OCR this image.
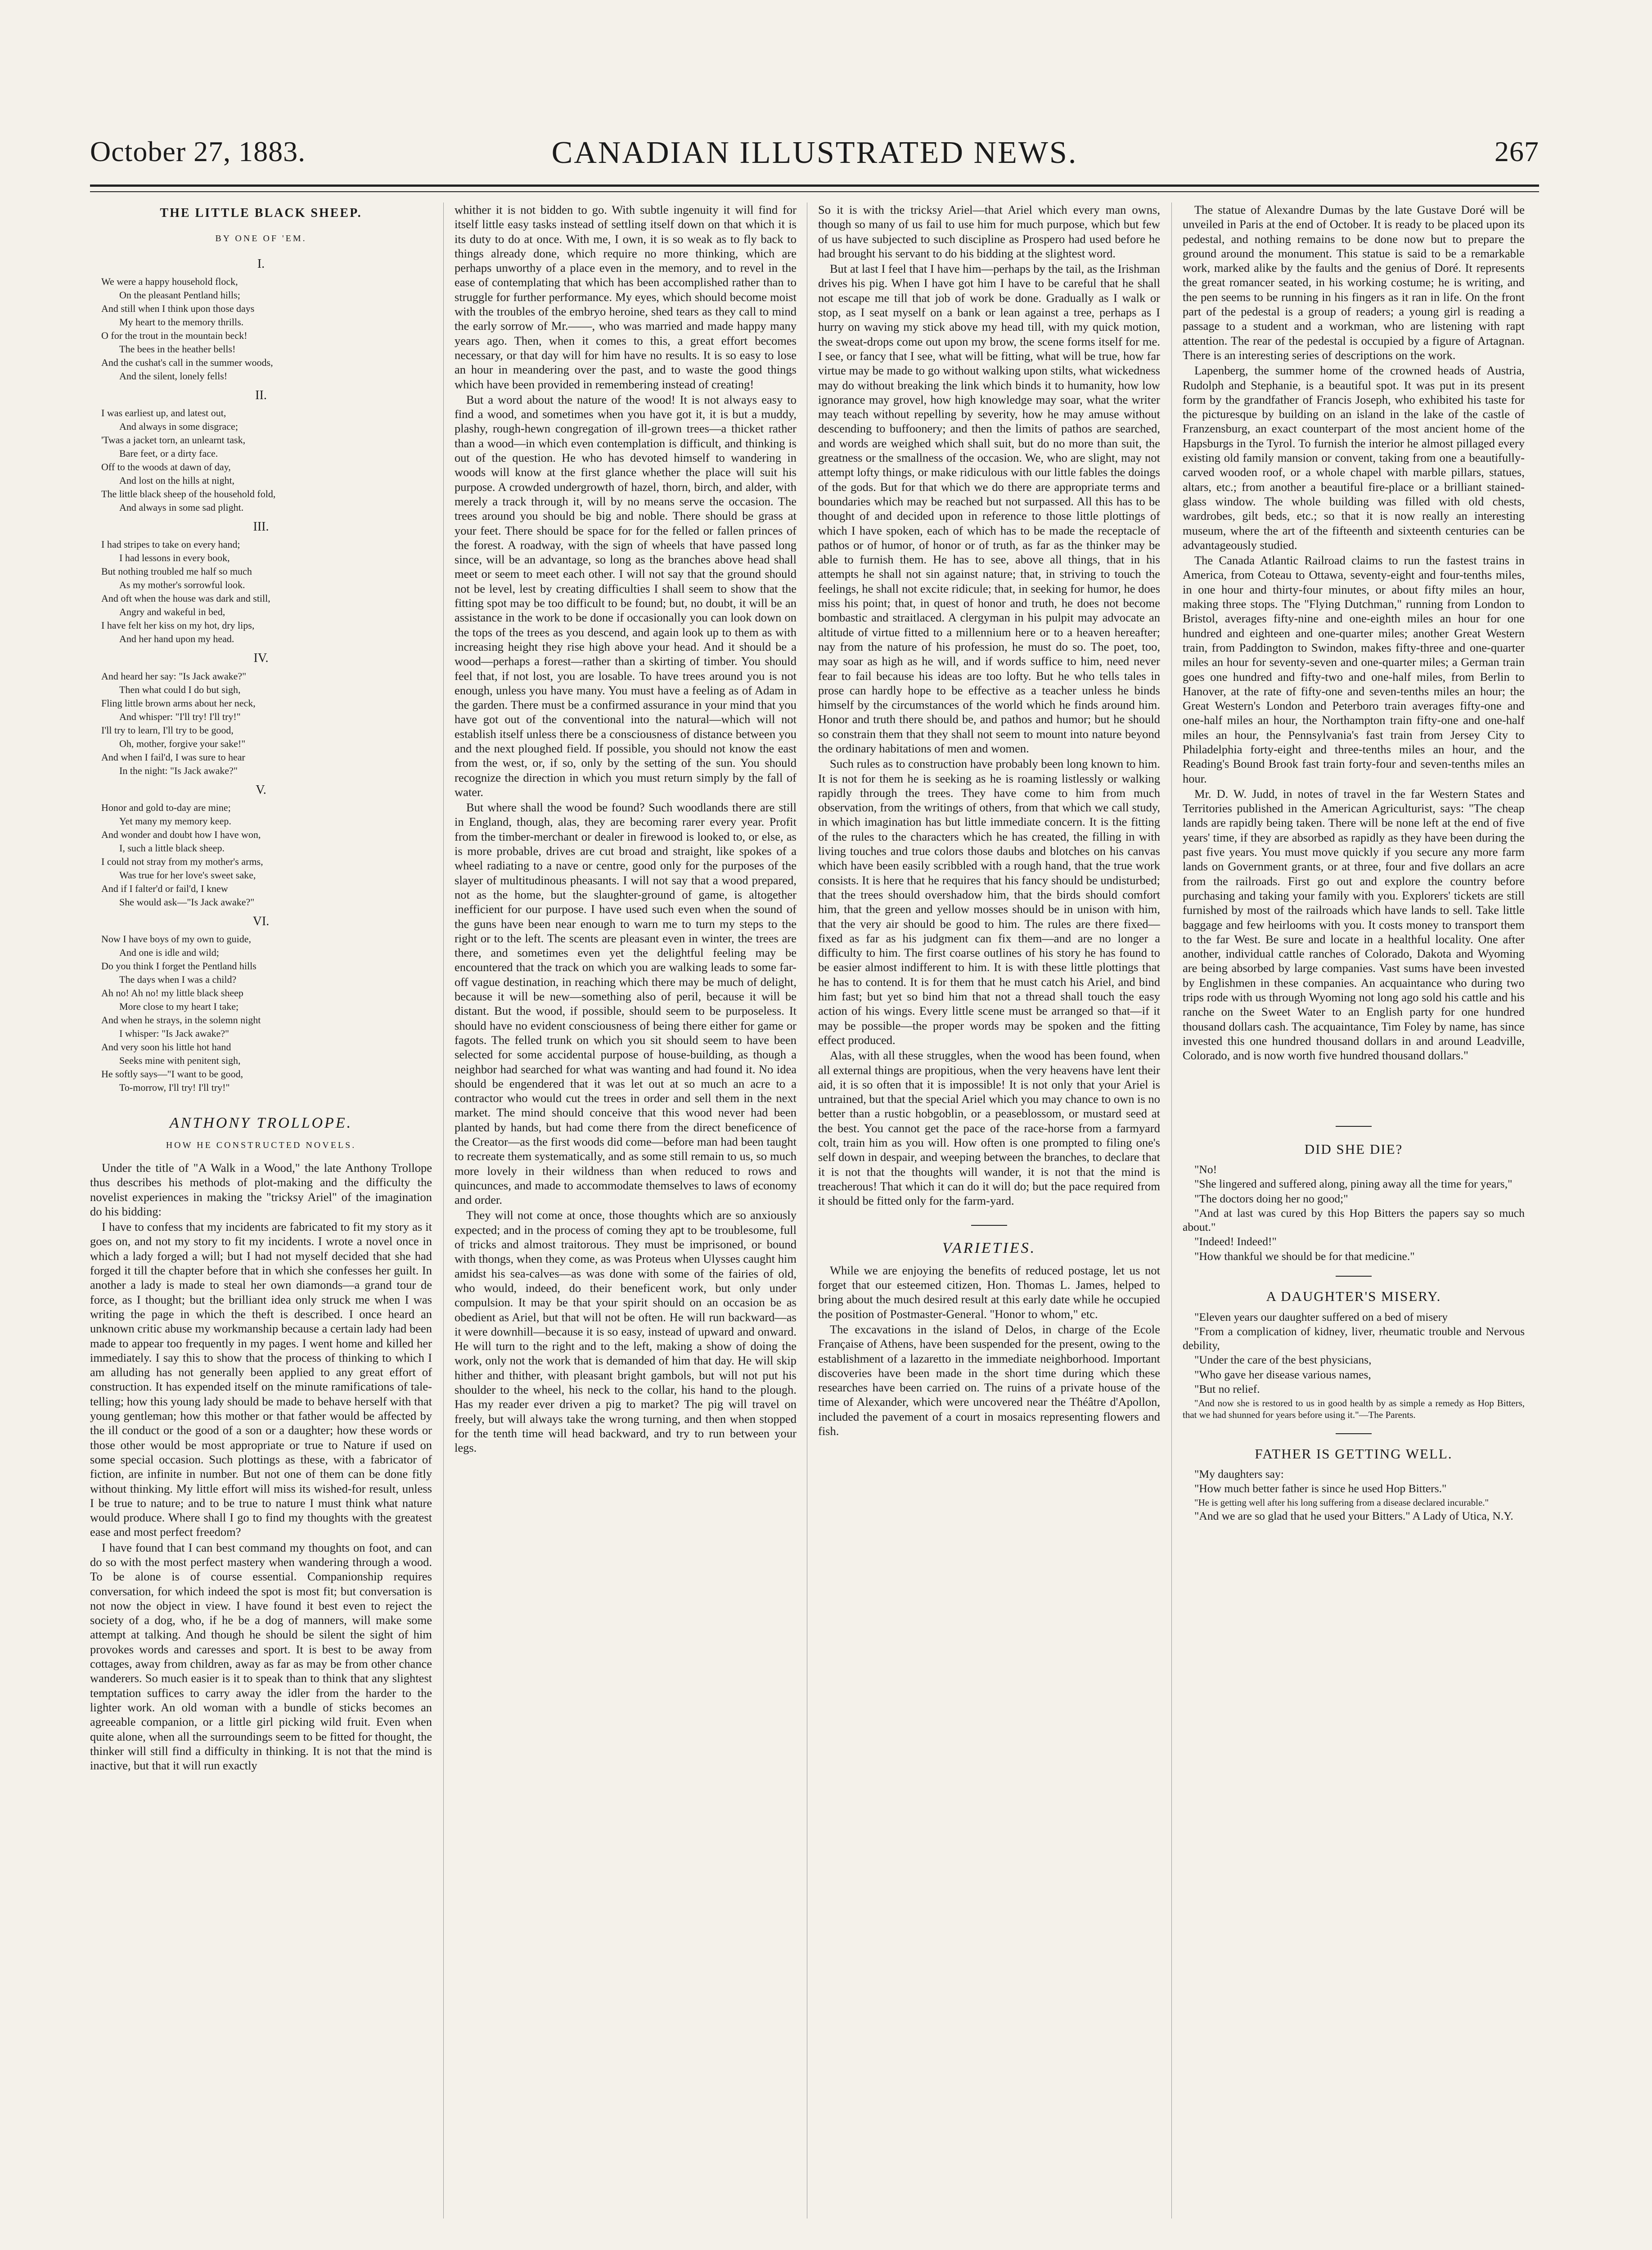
October 27, 1883.	CANADIAN ILLUSTRATED NEWS.	267
THE LITTLE BLACK SHEEP.
BY ONE OF 'EM.
I.
We were a happy household flock,
On the pleasant Pentland hills;
And still when I think upon those days
My heart to the memory thrills.
O for the trout in the mountain beck!
The bees in the heather bells!
And the cushat's call in the summer woods,
And the silent, lonely fells!
II.
I was earliest up, and latest out,
And always in some disgrace;
'Twas a jacket torn, an unlearnt task,
Bare feet, or a dirty face.
Off to the woods at dawn of day,
And lost on the hills at night,
The little black sheep of the household fold,
And always in some sad plight.
III.
I had stripes to take on every hand;
I had lessons in every book,
But nothing troubled me half so much
As my mother's sorrowful look.
And oft when the house was dark and still,
Angry and wakeful in bed,
I have felt her kiss on my hot, dry lips,
And her hand upon my head.
IV.
And heard her say: "Is Jack awake?"
Then what could I do but sigh,
Fling little brown arms about her neck,
And whisper: "I'll try! I'll try!"
I'll try to learn, I'll try to be good,
Oh, mother, forgive your sake!"
And when I fail'd, I was sure to hear
In the night: "Is Jack awake?"
V.
Honor and gold to-day are mine;
Yet many my memory keep.
And wonder and doubt how I have won,
I, such a little black sheep.
I could not stray from my mother's arms,
Was true for her love's sweet sake,
And if I falter'd or fail'd, I knew
She would ask—"Is Jack awake?"
VI.
Now I have boys of my own to guide,
And one is idle and wild;
Do you think I forget the Pentland hills
The days when I was a child?
Ah no! Ah no! my little black sheep
More close to my heart I take;
And when he strays, in the solemn night
I whisper: "Is Jack awake?"
And very soon his little hot hand
Seeks mine with penitent sigh,
He softly says—"I want to be good,
To-morrow, I'll try! I'll try!"
ANTHONY TROLLOPE.
HOW HE CONSTRUCTED NOVELS.

Under the title of "A Walk in a Wood," the late Anthony Trollope thus describes his methods of plot-making and the difficulty the novelist experiences in making the "tricksy Ariel" of the imagination do his bidding:

I have to confess that my incidents are fabricated to fit my story as it goes on, and not my story to fit my incidents. I wrote a novel once in which a lady forged a will; but I had not myself decided that she had forged it till the chapter before that in which she confesses her guilt. In another a lady is made to steal her own diamonds—a grand tour de force, as I thought; but the brilliant idea only struck me when I was writing the page in which the theft is described. I once heard an unknown critic abuse my workmanship because a certain lady had been made to appear too frequently in my pages. I went home and killed her immediately. I say this to show that the process of thinking to which I am alluding has not generally been applied to any great effort of construction. It has expended itself on the minute ramifications of tale-telling; how this young lady should be made to behave herself with that young gentleman; how this mother or that father would be affected by the ill conduct or the good of a son or a daughter; how these words or those other would be most appropriate or true to Nature if used on some special occasion. Such plottings as these, with a fabricator of fiction, are infinite in number. But not one of them can be done fitly without thinking. My little effort will miss its wished-for result, unless I be true to nature; and to be true to nature I must think what nature would produce. Where shall I go to find my thoughts with the greatest ease and most perfect freedom?

I have found that I can best command my thoughts on foot, and can do so with the most perfect mastery when wandering through a wood. To be alone is of course essential. Companionship requires conversation, for which indeed the spot is most fit; but conversation is not now the object in view. I have found it best even to reject the society of a dog, who, if he be a dog of manners, will make some attempt at talking. And though he should be silent the sight of him provokes words and caresses and sport. It is best to be away from cottages, away from children, away as far as may be from other chance wanderers. So much easier is it to speak than to think that any slightest temptation suffices to carry away the idler from the harder to the lighter work. An old woman with a bundle of sticks becomes an agreeable companion, or a little girl picking wild fruit. Even when quite alone, when all the surroundings seem to be fitted for thought, the thinker will still find a difficulty in thinking. It is not that the mind is inactive, but that it will run exactly

whither it is not bidden to go. With subtle ingenuity it will find for itself little easy tasks instead of settling itself down on that which it is its duty to do at once. With me, I own, it is so weak as to fly back to things already done, which require no more thinking, which are perhaps unworthy of a place even in the memory, and to revel in the ease of contemplating that which has been accomplished rather than to struggle for further performance. My eyes, which should become moist with the troubles of the embryo heroine, shed tears as they call to mind the early sorrow of Mr.——, who was married and made happy many years ago. Then, when it comes to this, a great effort becomes necessary, or that day will for him have no results. It is so easy to lose an hour in meandering over the past, and to waste the good things which have been provided in remembering instead of creating!

But a word about the nature of the wood! It is not always easy to find a wood, and sometimes when you have got it, it is but a muddy, plashy, rough-hewn congregation of ill-grown trees—a thicket rather than a wood—in which even contemplation is difficult, and thinking is out of the question. He who has devoted himself to wandering in woods will know at the first glance whether the place will suit his purpose. A crowded undergrowth of hazel, thorn, birch, and alder, with merely a track through it, will by no means serve the occasion. The trees around you should be big and noble. There should be grass at your feet. There should be space for for the felled or fallen princes of the forest. A roadway, with the sign of wheels that have passed long since, will be an advantage, so long as the branches above head shall meet or seem to meet each other. I will not say that the ground should not be level, lest by creating difficulties I shall seem to show that the fitting spot may be too difficult to be found; but, no doubt, it will be an assistance in the work to be done if occasionally you can look down on the tops of the trees as you descend, and again look up to them as with increasing height they rise high above your head. And it should be a wood—perhaps a forest—rather than a skirting of timber. You should feel that, if not lost, you are losable. To have trees around you is not enough, unless you have many. You must have a feeling as of Adam in the garden. There must be a confirmed assurance in your mind that you have got out of the conventional into the natural—which will not establish itself unless there be a consciousness of distance between you and the next ploughed field. If possible, you should not know the east from the west, or, if so, only by the setting of the sun. You should recognize the direction in which you must return simply by the fall of water.

But where shall the wood be found? Such woodlands there are still in England, though, alas, they are becoming rarer every year. Profit from the timber-merchant or dealer in firewood is looked to, or else, as is more probable, drives are cut broad and straight, like spokes of a wheel radiating to a nave or centre, good only for the purposes of the slayer of multitudinous pheasants. I will not say that a wood prepared, not as the home, but the slaughter-ground of game, is altogether inefficient for our purpose. I have used such even when the sound of the guns have been near enough to warn me to turn my steps to the right or to the left. The scents are pleasant even in winter, the trees are there, and sometimes even yet the delightful feeling may be encountered that the track on which you are walking leads to some far-off vague destination, in reaching which there may be much of delight, because it will be new—something also of peril, because it will be distant. But the wood, if possible, should seem to be purposeless. It should have no evident consciousness of being there either for game or fagots. The felled trunk on which you sit should seem to have been selected for some accidental purpose of house-building, as though a neighbor had searched for what was wanting and had found it. No idea should be engendered that it was let out at so much an acre to a contractor who would cut the trees in order and sell them in the next market. The mind should conceive that this wood never had been planted by hands, but had come there from the direct beneficence of the Creator—as the first woods did come—before man had been taught to recreate them systematically, and as some still remain to us, so much more lovely in their wildness than when reduced to rows and quincunces, and made to accommodate themselves to laws of economy and order.

They will not come at once, those thoughts which are so anxiously expected; and in the process of coming they apt to be troublesome, full of tricks and almost traitorous. They must be imprisoned, or bound with thongs, when they come, as was Proteus when Ulysses caught him amidst his sea-calves—as was done with some of the fairies of old, who would, indeed, do their beneficent work, but only under compulsion. It may be that your spirit should on an occasion be as obedient as Ariel, but that will not be often. He will run backward—as it were downhill—because it is so easy, instead of upward and onward. He will turn to the right and to the left, making a show of doing the work, only not the work that is demanded of him that day. He will skip hither and thither, with pleasant bright gambols, but will not put his shoulder to the wheel, his neck to the collar, his hand to the plough. Has my reader ever driven a pig to market? The pig will travel on freely, but will always take the wrong turning, and then when stopped for the tenth time will head backward, and try to run between your legs.

So it is with the tricksy Ariel—that Ariel which every man owns, though so many of us fail to use him for much purpose, which but few of us have subjected to such discipline as Prospero had used before he had brought his servant to do his bidding at the slightest word.

But at last I feel that I have him—perhaps by the tail, as the Irishman drives his pig. When I have got him I have to be careful that he shall not escape me till that job of work be done. Gradually as I walk or stop, as I seat myself on a bank or lean against a tree, perhaps as I hurry on waving my stick above my head till, with my quick motion, the sweat-drops come out upon my brow, the scene forms itself for me. I see, or fancy that I see, what will be fitting, what will be true, how far virtue may be made to go without walking upon stilts, what wickedness may do without breaking the link which binds it to humanity, how low ignorance may grovel, how high knowledge may soar, what the writer may teach without repelling by severity, how he may amuse without descending to buffoonery; and then the limits of pathos are searched, and words are weighed which shall suit, but do no more than suit, the greatness or the smallness of the occasion. We, who are slight, may not attempt lofty things, or make ridiculous with our little fables the doings of the gods. But for that which we do there are appropriate terms and boundaries which may be reached but not surpassed. All this has to be thought of and decided upon in reference to those little plottings of which I have spoken, each of which has to be made the receptacle of pathos or of humor, of honor or of truth, as far as the thinker may be able to furnish them. He has to see, above all things, that in his attempts he shall not sin against nature; that, in striving to touch the feelings, he shall not excite ridicule; that, in seeking for humor, he does miss his point; that, in quest of honor and truth, he does not become bombastic and straitlaced. A clergyman in his pulpit may advocate an altitude of virtue fitted to a millennium here or to a heaven hereafter; nay from the nature of his profession, he must do so. The poet, too, may soar as high as he will, and if words suffice to him, need never fear to fail because his ideas are too lofty. But he who tells tales in prose can hardly hope to be effective as a teacher unless he binds himself by the circumstances of the world which he finds around him. Honor and truth there should be, and pathos and humor; but he should so constrain them that they shall not seem to mount into nature beyond the ordinary habitations of men and women.

Such rules as to construction have probably been long known to him. It is not for them he is seeking as he is roaming listlessly or walking rapidly through the trees. They have come to him from much observation, from the writings of others, from that which we call study, in which imagination has but little immediate concern. It is the fitting of the rules to the characters which he has created, the filling in with living touches and true colors those daubs and blotches on his canvas which have been easily scribbled with a rough hand, that the true work consists. It is here that he requires that his fancy should be undisturbed; that the trees should overshadow him, that the birds should comfort him, that the green and yellow mosses should be in unison with him, that the very air should be good to him. The rules are there fixed—fixed as far as his judgment can fix them—and are no longer a difficulty to him. The first coarse outlines of his story he has found to be easier almost indifferent to him. It is with these little plottings that he has to contend. It is for them that he must catch his Ariel, and bind him fast; but yet so bind him that not a thread shall touch the easy action of his wings. Every little scene must be arranged so that—if it may be possible—the proper words may be spoken and the fitting effect produced.

Alas, with all these struggles, when the wood has been found, when all external things are propitious, when the very heavens have lent their aid, it is so often that it is impossible! It is not only that your Ariel is untrained, but that the special Ariel which you may chance to own is no better than a rustic hobgoblin, or a peaseblossom, or mustard seed at the best. You cannot get the pace of the race-horse from a farmyard colt, train him as you will. How often is one prompted to filing one's self down in despair, and weeping between the branches, to declare that it is not that the thoughts will wander, it is not that the mind is treacherous! That which it can do it will do; but the pace required from it should be fitted only for the farm-yard.

VARIETIES.

While we are enjoying the benefits of reduced postage, let us not forget that our esteemed citizen, Hon. Thomas L. James, helped to bring about the much desired result at this early date while he occupied the position of Postmaster-General. "Honor to whom," etc.

The excavations in the island of Delos, in charge of the Ecole Française of Athens, have been suspended for the present, owing to the establishment of a lazaretto in the immediate neighborhood. Important discoveries have been made in the short time during which these researches have been carried on. The ruins of a private house of the time of Alexander, which were uncovered near the Théâtre d'Apollon, included the pavement of a court in mosaics representing flowers and fish.

The statue of Alexandre Dumas by the late Gustave Doré will be unveiled in Paris at the end of October. It is ready to be placed upon its pedestal, and nothing remains to be done now but to prepare the ground around the monument. This statue is said to be a remarkable work, marked alike by the faults and the genius of Doré. It represents the great romancer seated, in his working costume; he is writing, and the pen seems to be running in his fingers as it ran in life. On the front part of the pedestal is a group of readers; a young girl is reading a passage to a student and a workman, who are listening with rapt attention. The rear of the pedestal is occupied by a figure of Artagnan. There is an interesting series of descriptions on the work.

Lapenberg, the summer home of the crowned heads of Austria, Rudolph and Stephanie, is a beautiful spot. It was put in its present form by the grandfather of Francis Joseph, who exhibited his taste for the picturesque by building on an island in the lake of the castle of Franzensburg, an exact counterpart of the most ancient home of the Hapsburgs in the Tyrol. To furnish the interior he almost pillaged every existing old family mansion or convent, taking from one a beautifully-carved wooden roof, or a whole chapel with marble pillars, statues, altars, etc.; from another a beautiful fire-place or a brilliant stained-glass window. The whole building was filled with old chests, wardrobes, gilt beds, etc.; so that it is now really an interesting museum, where the art of the fifteenth and sixteenth centuries can be advantageously studied.

The Canada Atlantic Railroad claims to run the fastest trains in America, from Coteau to Ottawa, seventy-eight and four-tenths miles, in one hour and thirty-four minutes, or about fifty miles an hour, making three stops. The "Flying Dutchman," running from London to Bristol, averages fifty-nine and one-eighth miles an hour for one hundred and eighteen and one-quarter miles; another Great Western train, from Paddington to Swindon, makes fifty-three and one-quarter miles an hour for seventy-seven and one-quarter miles; a German train goes one hundred and fifty-two and one-half miles, from Berlin to Hanover, at the rate of fifty-one and seven-tenths miles an hour; the Great Western's London and Peterboro train averages fifty-one and one-half miles an hour, the Northampton train fifty-one and one-half miles an hour, the Pennsylvania's fast train from Jersey City to Philadelphia forty-eight and three-tenths miles an hour, and the Reading's Bound Brook fast train forty-four and seven-tenths miles an hour.

Mr. D. W. Judd, in notes of travel in the far Western States and Territories published in the American Agriculturist, says: "The cheap lands are rapidly being taken. There will be none left at the end of five years' time, if they are absorbed as rapidly as they have been during the past five years. You must move quickly if you secure any more farm lands on Government grants, or at three, four and five dollars an acre from the railroads. First go out and explore the country before purchasing and taking your family with you. Explorers' tickets are still furnished by most of the railroads which have lands to sell. Take little baggage and few heirlooms with you. It costs money to transport them to the far West. Be sure and locate in a healthful locality. One after another, individual cattle ranches of Colorado, Dakota and Wyoming are being absorbed by large companies. Vast sums have been invested by Englishmen in these companies. An acquaintance who during two trips rode with us through Wyoming not long ago sold his cattle and his ranche on the Sweet Water to an English party for one hundred thousand dollars cash. The acquaintance, Tim Foley by name, has since invested this one hundred thousand dollars in and around Leadville, Colorado, and is now worth five hundred thousand dollars."

DID SHE DIE?

"No!

"She lingered and suffered along, pining away all the time for years,"

"The doctors doing her no good;"

"And at last was cured by this Hop Bitters the papers say so much about."

"Indeed! Indeed!"

"How thankful we should be for that medicine."

A DAUGHTER'S MISERY.

"Eleven years our daughter suffered on a bed of misery

"From a complication of kidney, liver, rheumatic trouble and Nervous debility,

"Under the care of the best physicians,

"Who gave her disease various names,

"But no relief.

"And now she is restored to us in good health by as simple a remedy as Hop Bitters, that we had shunned for years before using it."—The Parents.

FATHER IS GETTING WELL.

"My daughters say:

"How much better father is since he used Hop Bitters."

"He is getting well after his long suffering from a disease declared incurable."

"And we are so glad that he used your Bitters." A Lady of Utica, N.Y.
